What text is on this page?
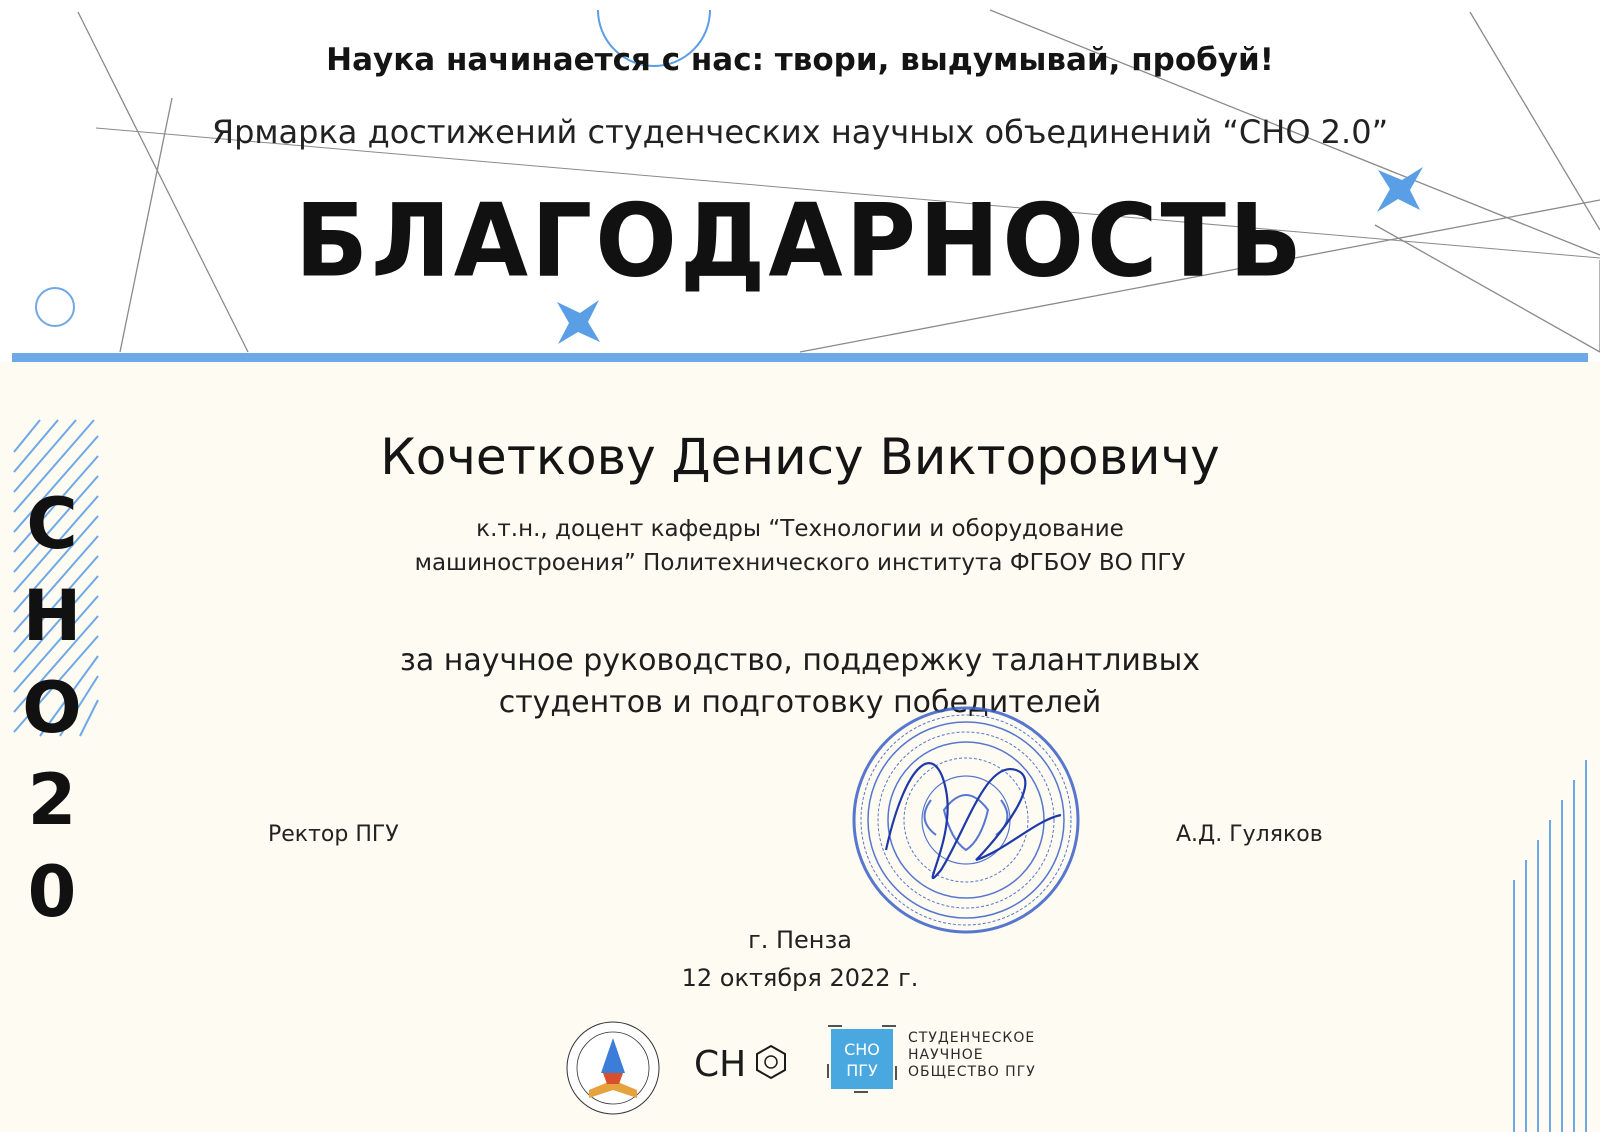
Наука начинается с нас: твори, выдумывай, пробуй!
Ярмарка достижений студенческих научных объединений “СНО 2.0”
БЛАГОДАРНОСТЬ
С
Н
О
2
0
Кочеткову Денису Викторовичу
к.т.н., доцент кафедры “Технологии и оборудование
машиностроения” Политехнического института ФГБОУ ВО ПГУ
за научное руководство, поддержку талантливых
студентов и подготовку победителей
Ректор ПГУ	А.Д. Гуляков
г. Пенза
12 октября 2022 г.
СН	СНО
ПГУ
СТУДЕНЧЕСКОЕ
НАУЧНОЕ
ОБЩЕСТВО ПГУ
